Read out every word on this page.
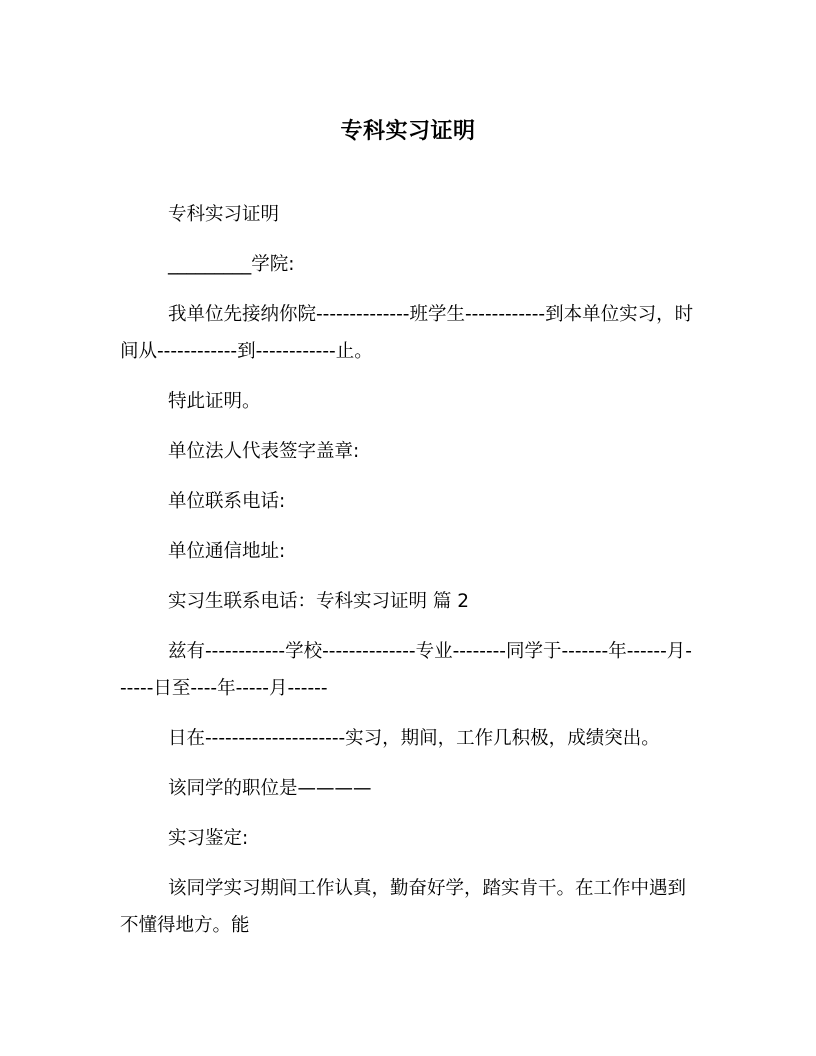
专科实习证明

专科实习证明

_________学院:

我单位先接纳你院--------------班学生------------到本单位实习，时间从------------到------------止。

特此证明。

单位法人代表签字盖章:

单位联系电话:

单位通信地址:

实习生联系电话：专科实习证明 篇 2

兹有------------学校--------------专业--------同学于-------年------月------日至----年-----月------

日在---------------------实习，期间，工作几积极，成绩突出。

该同学的职位是————

实习鉴定:

该同学实习期间工作认真，勤奋好学，踏实肯干。在工作中遇到不懂得地方。能
